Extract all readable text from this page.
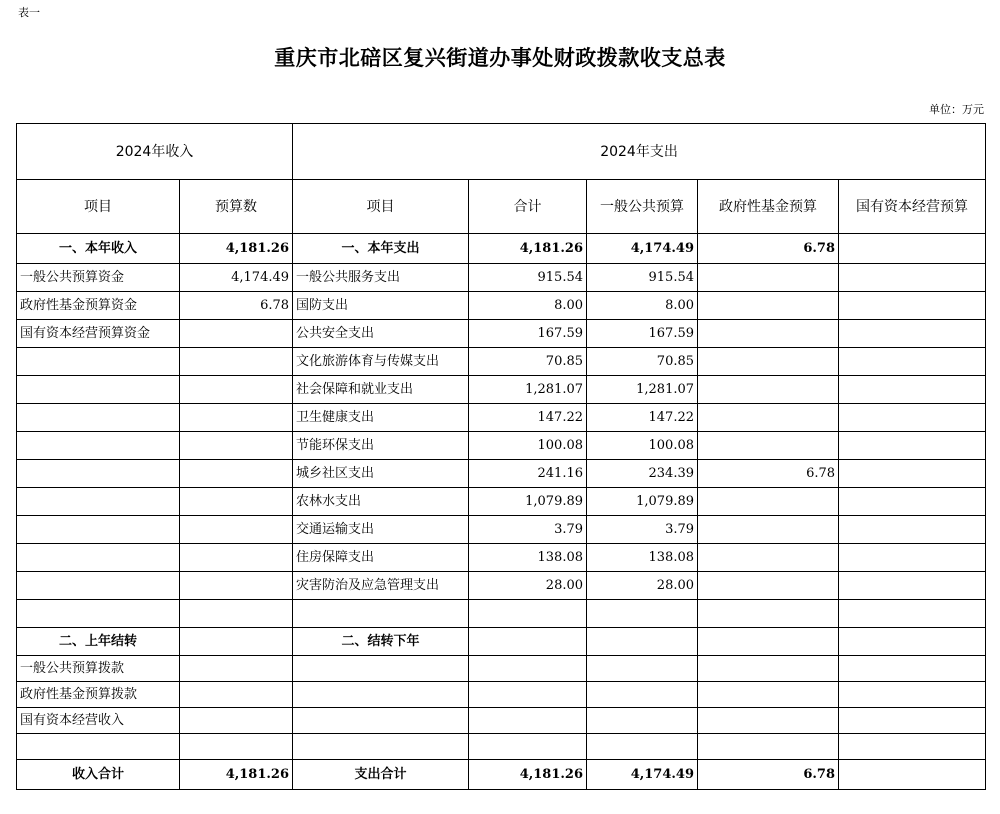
表一
重庆市北碚区复兴街道办事处财政拨款收支总表
单位：万元
2024年收入		2024年支出				
项目	预算数	项目	合计	一般公共预算	政府性基金预算	国有资本经营预算
一、本年收入	4,181.26	一、本年支出	4,181.26	4,174.49	6.78	
一般公共预算资金	4,174.49	一般公共服务支出	915.54	915.54		
政府性基金预算资金	6.78	国防支出	8.00	8.00		
国有资本经营预算资金		公共安全支出	167.59	167.59		
		文化旅游体育与传媒支出	70.85	70.85		
		社会保障和就业支出	1,281.07	1,281.07		
		卫生健康支出	147.22	147.22		
		节能环保支出	100.08	100.08		
		城乡社区支出	241.16	234.39	6.78	
		农林水支出	1,079.89	1,079.89		
		交通运输支出	3.79	3.79		
		住房保障支出	138.08	138.08		
		灾害防治及应急管理支出	28.00	28.00		

二、上年结转		二、结转下年				
一般公共预算拨款						
政府性基金预算拨款						
国有资本经营收入						

收入合计	4,181.26	支出合计	4,181.26	4,174.49	6.78	
